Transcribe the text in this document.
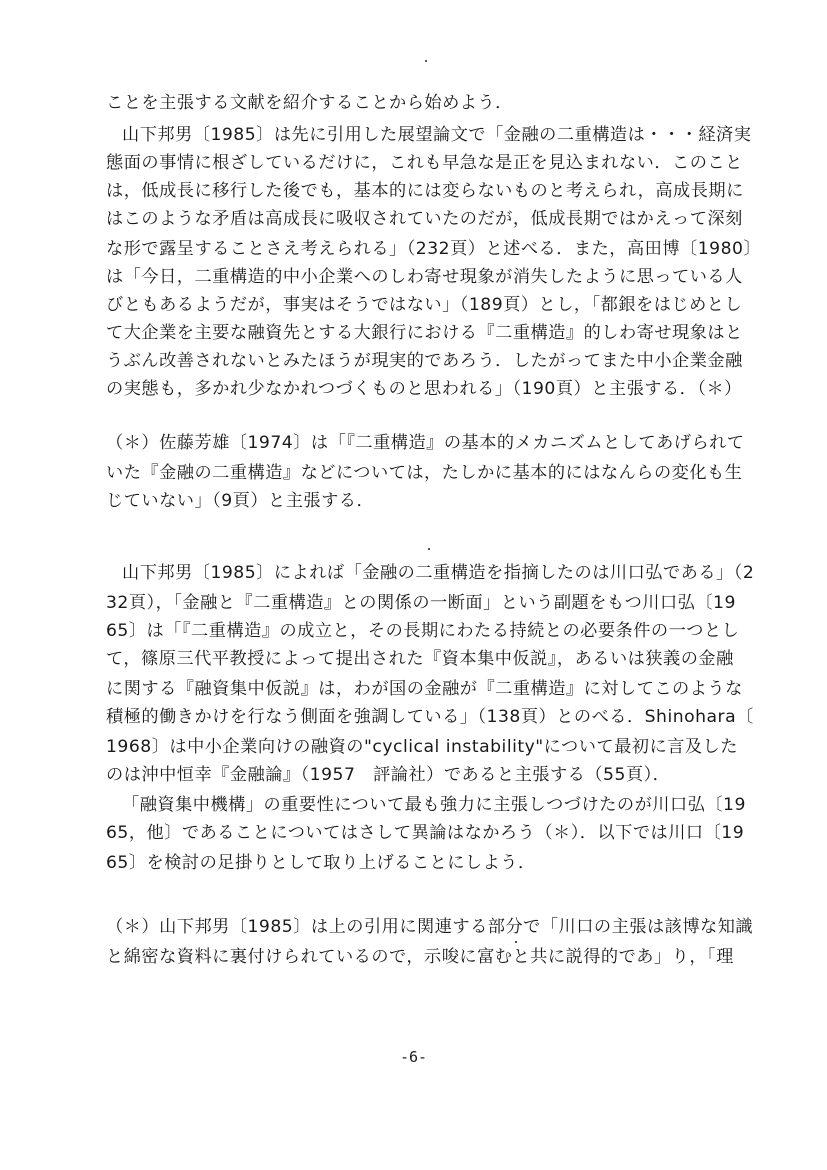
ことを主張する文献を紹介することから始めよう．
山下邦男〔1985〕は先に引用した展望論文で「金融の二重構造は・・・経済実
態面の事情に根ざしているだけに，これも早急な是正を見込まれない．このこと
は，低成長に移行した後でも，基本的には変らないものと考えられ，高成長期に
はこのような矛盾は高成長に吸収されていたのだが，低成長期ではかえって深刻
な形で露呈することさえ考えられる」（232頁）と述べる．また，高田博〔1980〕
は「今日，二重構造的中小企業へのしわ寄せ現象が消失したように思っている人
びともあるようだが，事実はそうではない」（189頁）とし，「都銀をはじめとし
て大企業を主要な融資先とする大銀行における『二重構造』的しわ寄せ現象はと
うぶん改善されないとみたほうが現実的であろう．したがってまた中小企業金融
の実態も，多かれ少なかれつづくものと思われる」（190頁）と主張する．（＊）
（＊）佐藤芳雄〔1974〕は「『二重構造』の基本的メカニズムとしてあげられて
いた『金融の二重構造』などについては，たしかに基本的にはなんらの変化も生
じていない」（9頁）と主張する．
山下邦男〔1985〕によれば「金融の二重構造を指摘したのは川口弘である」（2
32頁），「金融と『二重構造』との関係の一断面」という副題をもつ川口弘〔19
65〕は「『二重構造』の成立と，その長期にわたる持続との必要条件の一つとし
て，篠原三代平教授によって提出された『資本集中仮説』，あるいは狭義の金融
に関する『融資集中仮説』は，わが国の金融が『二重構造』に対してこのような
積極的働きかけを行なう側面を強調している」（138頁）とのべる．Shinohara〔
1968〕は中小企業向けの融資の"cyclical instability"について最初に言及した
のは沖中恒幸『金融論』（1957　評論社）であると主張する（55頁）．
「融資集中機構」の重要性について最も強力に主張しつづけたのが川口弘〔19
65，他〕であることについてはさして異論はなかろう（＊）．以下では川口〔19
65〕を検討の足掛りとして取り上げることにしよう．
（＊）山下邦男〔1985〕は上の引用に関連する部分で「川口の主張は該博な知識
と綿密な資料に裏付けられているので，示唆に富むと共に説得的であ」り，「理
-6-
